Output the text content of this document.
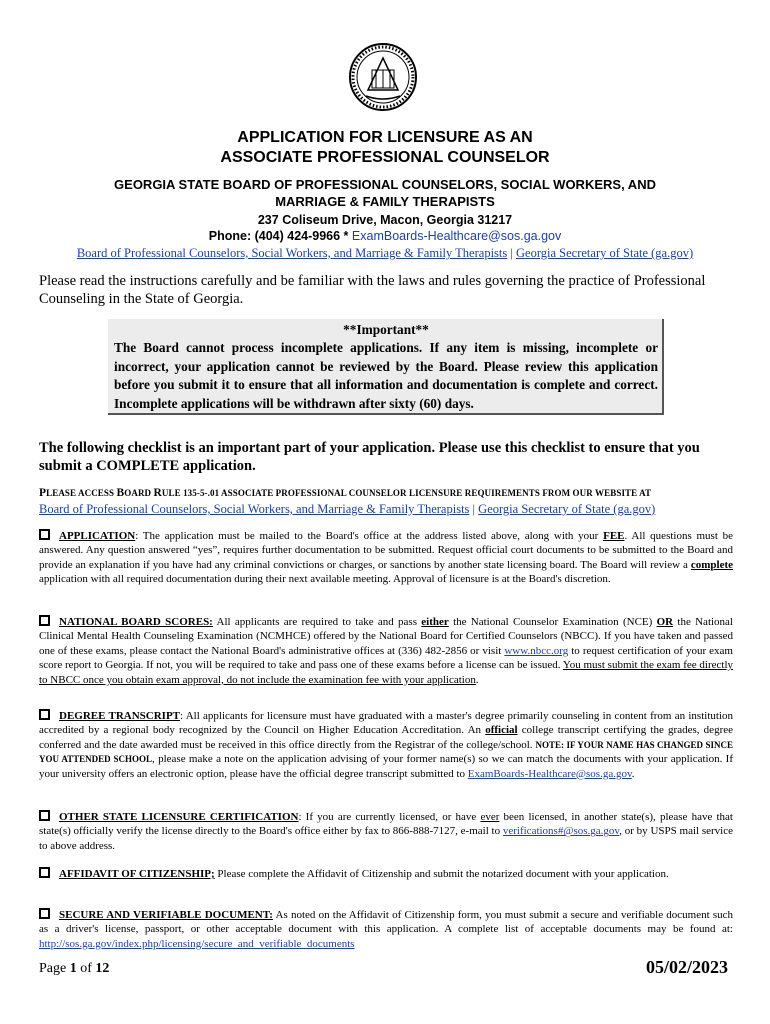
APPLICATION FOR LICENSURE AS AN
ASSOCIATE PROFESSIONAL COUNSELOR
GEORGIA STATE BOARD OF PROFESSIONAL COUNSELORS, SOCIAL WORKERS, AND
MARRIAGE & FAMILY THERAPISTS
237 Coliseum Drive, Macon, Georgia 31217
Phone: (404) 424-9966 * ExamBoards-Healthcare@sos.ga.gov
Board of Professional Counselors, Social Workers, and Marriage & Family Therapists | Georgia Secretary of State (ga.gov)
Please read the instructions carefully and be familiar with the laws and rules governing the practice of Professional Counseling in the State of Georgia.
**Important**
The Board cannot process incomplete applications. If any item is missing, incomplete or incorrect, your application cannot be reviewed by the Board. Please review this application before you submit it to ensure that all information and documentation is complete and correct. Incomplete applications will be withdrawn after sixty (60) days.
The following checklist is an important part of your application. Please use this checklist to ensure that you submit a COMPLETE application.
PLEASE ACCESS BOARD RULE 135-5-.01 ASSOCIATE PROFESSIONAL COUNSELOR LICENSURE REQUIREMENTS FROM OUR WEBSITE AT
Board of Professional Counselors, Social Workers, and Marriage & Family Therapists | Georgia Secretary of State (ga.gov)
APPLICATION: The application must be mailed to the Board's office at the address listed above, along with your FEE. All questions must be answered. Any question answered “yes”, requires further documentation to be submitted. Request official court documents to be submitted to the Board and provide an explanation if you have had any criminal convictions or charges, or sanctions by another state licensing board. The Board will review a complete application with all required documentation during their next available meeting. Approval of licensure is at the Board's discretion.
NATIONAL BOARD SCORES: All applicants are required to take and pass either the National Counselor Examination (NCE) OR the National Clinical Mental Health Counseling Examination (NCMHCE) offered by the National Board for Certified Counselors (NBCC). If you have taken and passed one of these exams, please contact the National Board's administrative offices at (336) 482-2856 or visit www.nbcc.org to request certification of your exam score report to Georgia. If not, you will be required to take and pass one of these exams before a license can be issued. You must submit the exam fee directly to NBCC once you obtain exam approval, do not include the examination fee with your application.
DEGREE TRANSCRIPT: All applicants for licensure must have graduated with a master's degree primarily counseling in content from an institution accredited by a regional body recognized by the Council on Higher Education Accreditation. An official college transcript certifying the grades, degree conferred and the date awarded must be received in this office directly from the Registrar of the college/school. NOTE: IF YOUR NAME HAS CHANGED SINCE YOU ATTENDED SCHOOL, please make a note on the application advising of your former name(s) so we can match the documents with your application. If your university offers an electronic option, please have the official degree transcript submitted to ExamBoards-Healthcare@sos.ga.gov.
OTHER STATE LICENSURE CERTIFICATION: If you are currently licensed, or have ever been licensed, in another state(s), please have that state(s) officially verify the license directly to the Board's office either by fax to 866-888-7127, e-mail to verifications#@sos.ga.gov, or by USPS mail service to above address.
AFFIDAVIT OF CITIZENSHIP; Please complete the Affidavit of Citizenship and submit the notarized document with your application.
SECURE AND VERIFIABLE DOCUMENT: As noted on the Affidavit of Citizenship form, you must submit a secure and verifiable document such as a driver's license, passport, or other acceptable document with this application. A complete list of acceptable documents may be found at: http://sos.ga.gov/index.php/licensing/secure_and_verifiable_documents
Page 1 of 12	05/02/2023
